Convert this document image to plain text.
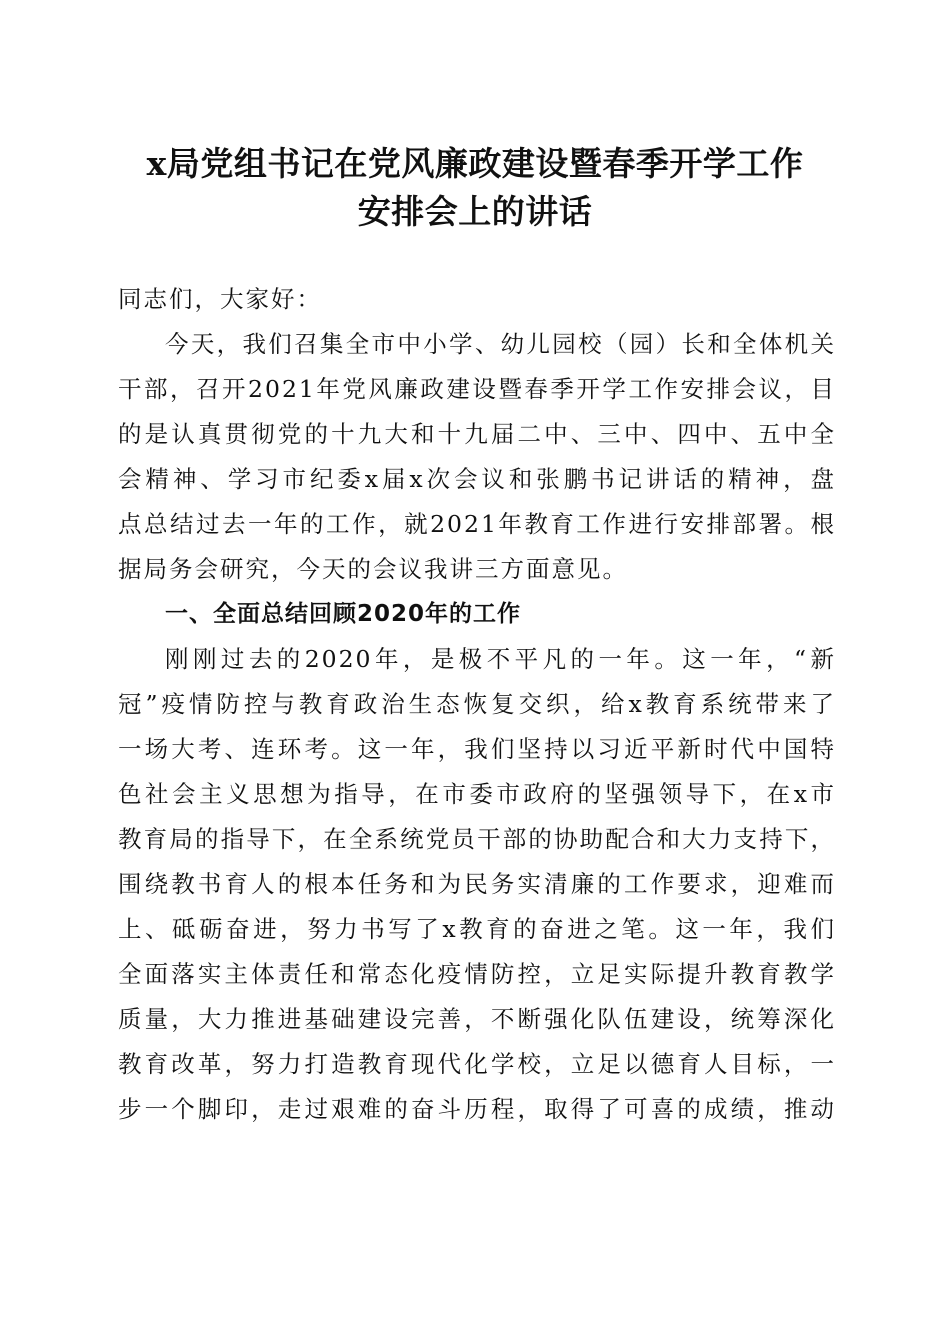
x局党组书记在党风廉政建设暨春季开学工作
安排会上的讲话
同志们，大家好：

今天，我们召集全市中小学、幼儿园校（园）长和全体机关
干部，召开2021年党风廉政建设暨春季开学工作安排会议，目
的是认真贯彻党的十九大和十九届二中、三中、四中、五中全
会精神、学习市纪委x届x次会议和张鹏书记讲话的精神，盘
点总结过去一年的工作，就2021年教育工作进行安排部署。根
据局务会研究，今天的会议我讲三方面意见。

一、全面总结回顾2020年的工作

刚刚过去的2020年，是极不平凡的一年。这一年，“新
冠”疫情防控与教育政治生态恢复交织，给x教育系统带来了
一场大考、连环考。这一年，我们坚持以习近平新时代中国特
色社会主义思想为指导，在市委市政府的坚强领导下，在x市
教育局的指导下，在全系统党员干部的协助配合和大力支持下，
围绕教书育人的根本任务和为民务实清廉的工作要求，迎难而
上、砥砺奋进，努力书写了x教育的奋进之笔。这一年，我们
全面落实主体责任和常态化疫情防控，立足实际提升教育教学
质量，大力推进基础建设完善，不断强化队伍建设，统筹深化
教育改革，努力打造教育现代化学校，立足以德育人目标，一
步一个脚印，走过艰难的奋斗历程，取得了可喜的成绩，推动
